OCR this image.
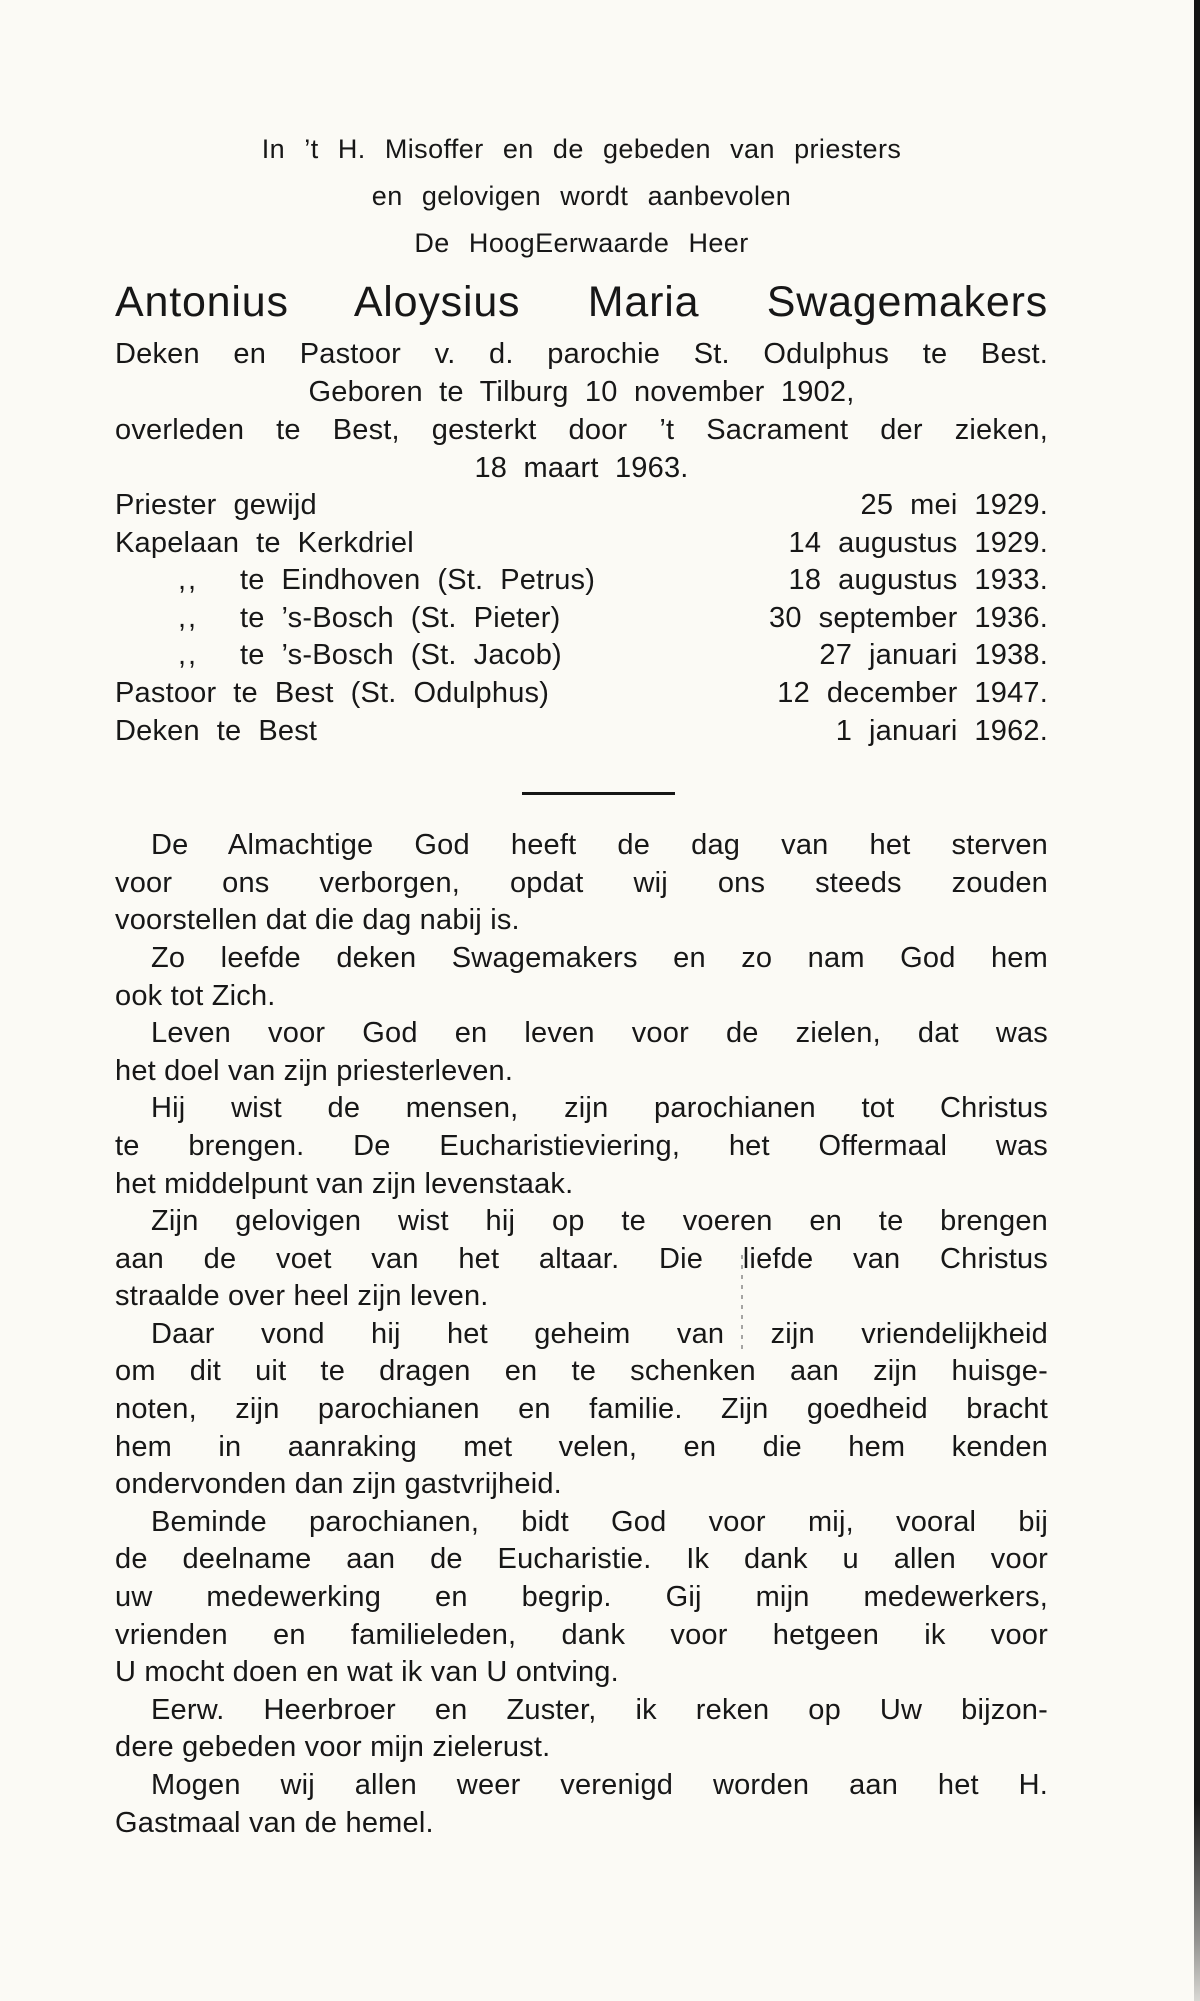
In ’t H. Misoffer en de gebeden van priesters
en gelovigen wordt aanbevolen
De HoogEerwaarde Heer
Antonius Aloysius Maria Swagemakers
Deken en Pastoor v. d. parochie St. Odulphus te Best.
Geboren te Tilburg 10 november 1902,
overleden te Best, gesterkt door ’t Sacrament der zieken,
18 maart 1963.
Priester gewijd	25 mei 1929.
Kapelaan te Kerkdriel	14 augustus 1929.
,, te Eindhoven (St. Petrus)	18 augustus 1933.
,, te ’s-Bosch (St. Pieter)	30 september 1936.
,, te ’s-Bosch (St. Jacob)	27 januari 1938.
Pastoor te Best (St. Odulphus)	12 december 1947.
Deken te Best	1 januari 1962.
De Almachtige God heeft de dag van het sterven
voor ons verborgen, opdat wij ons steeds zouden
voorstellen dat die dag nabij is.
Zo leefde deken Swagemakers en zo nam God hem
ook tot Zich.
Leven voor God en leven voor de zielen, dat was
het doel van zijn priesterleven.
Hij wist de mensen, zijn parochianen tot Christus
te brengen. De Eucharistieviering, het Offermaal was
het middelpunt van zijn levenstaak.
Zijn gelovigen wist hij op te voeren en te brengen
aan de voet van het altaar. Die liefde van Christus
straalde over heel zijn leven.
Daar vond hij het geheim van zijn vriendelijkheid
om dit uit te dragen en te schenken aan zijn huisge-
noten, zijn parochianen en familie. Zijn goedheid bracht
hem in aanraking met velen, en die hem kenden
ondervonden dan zijn gastvrijheid.
Beminde parochianen, bidt God voor mij, vooral bij
de deelname aan de Eucharistie. Ik dank u allen voor
uw medewerking en begrip. Gij mijn medewerkers,
vrienden en familieleden, dank voor hetgeen ik voor
U mocht doen en wat ik van U ontving.
Eerw. Heerbroer en Zuster, ik reken op Uw bijzon-
dere gebeden voor mijn zielerust.
Mogen wij allen weer verenigd worden aan het H.
Gastmaal van de hemel.
